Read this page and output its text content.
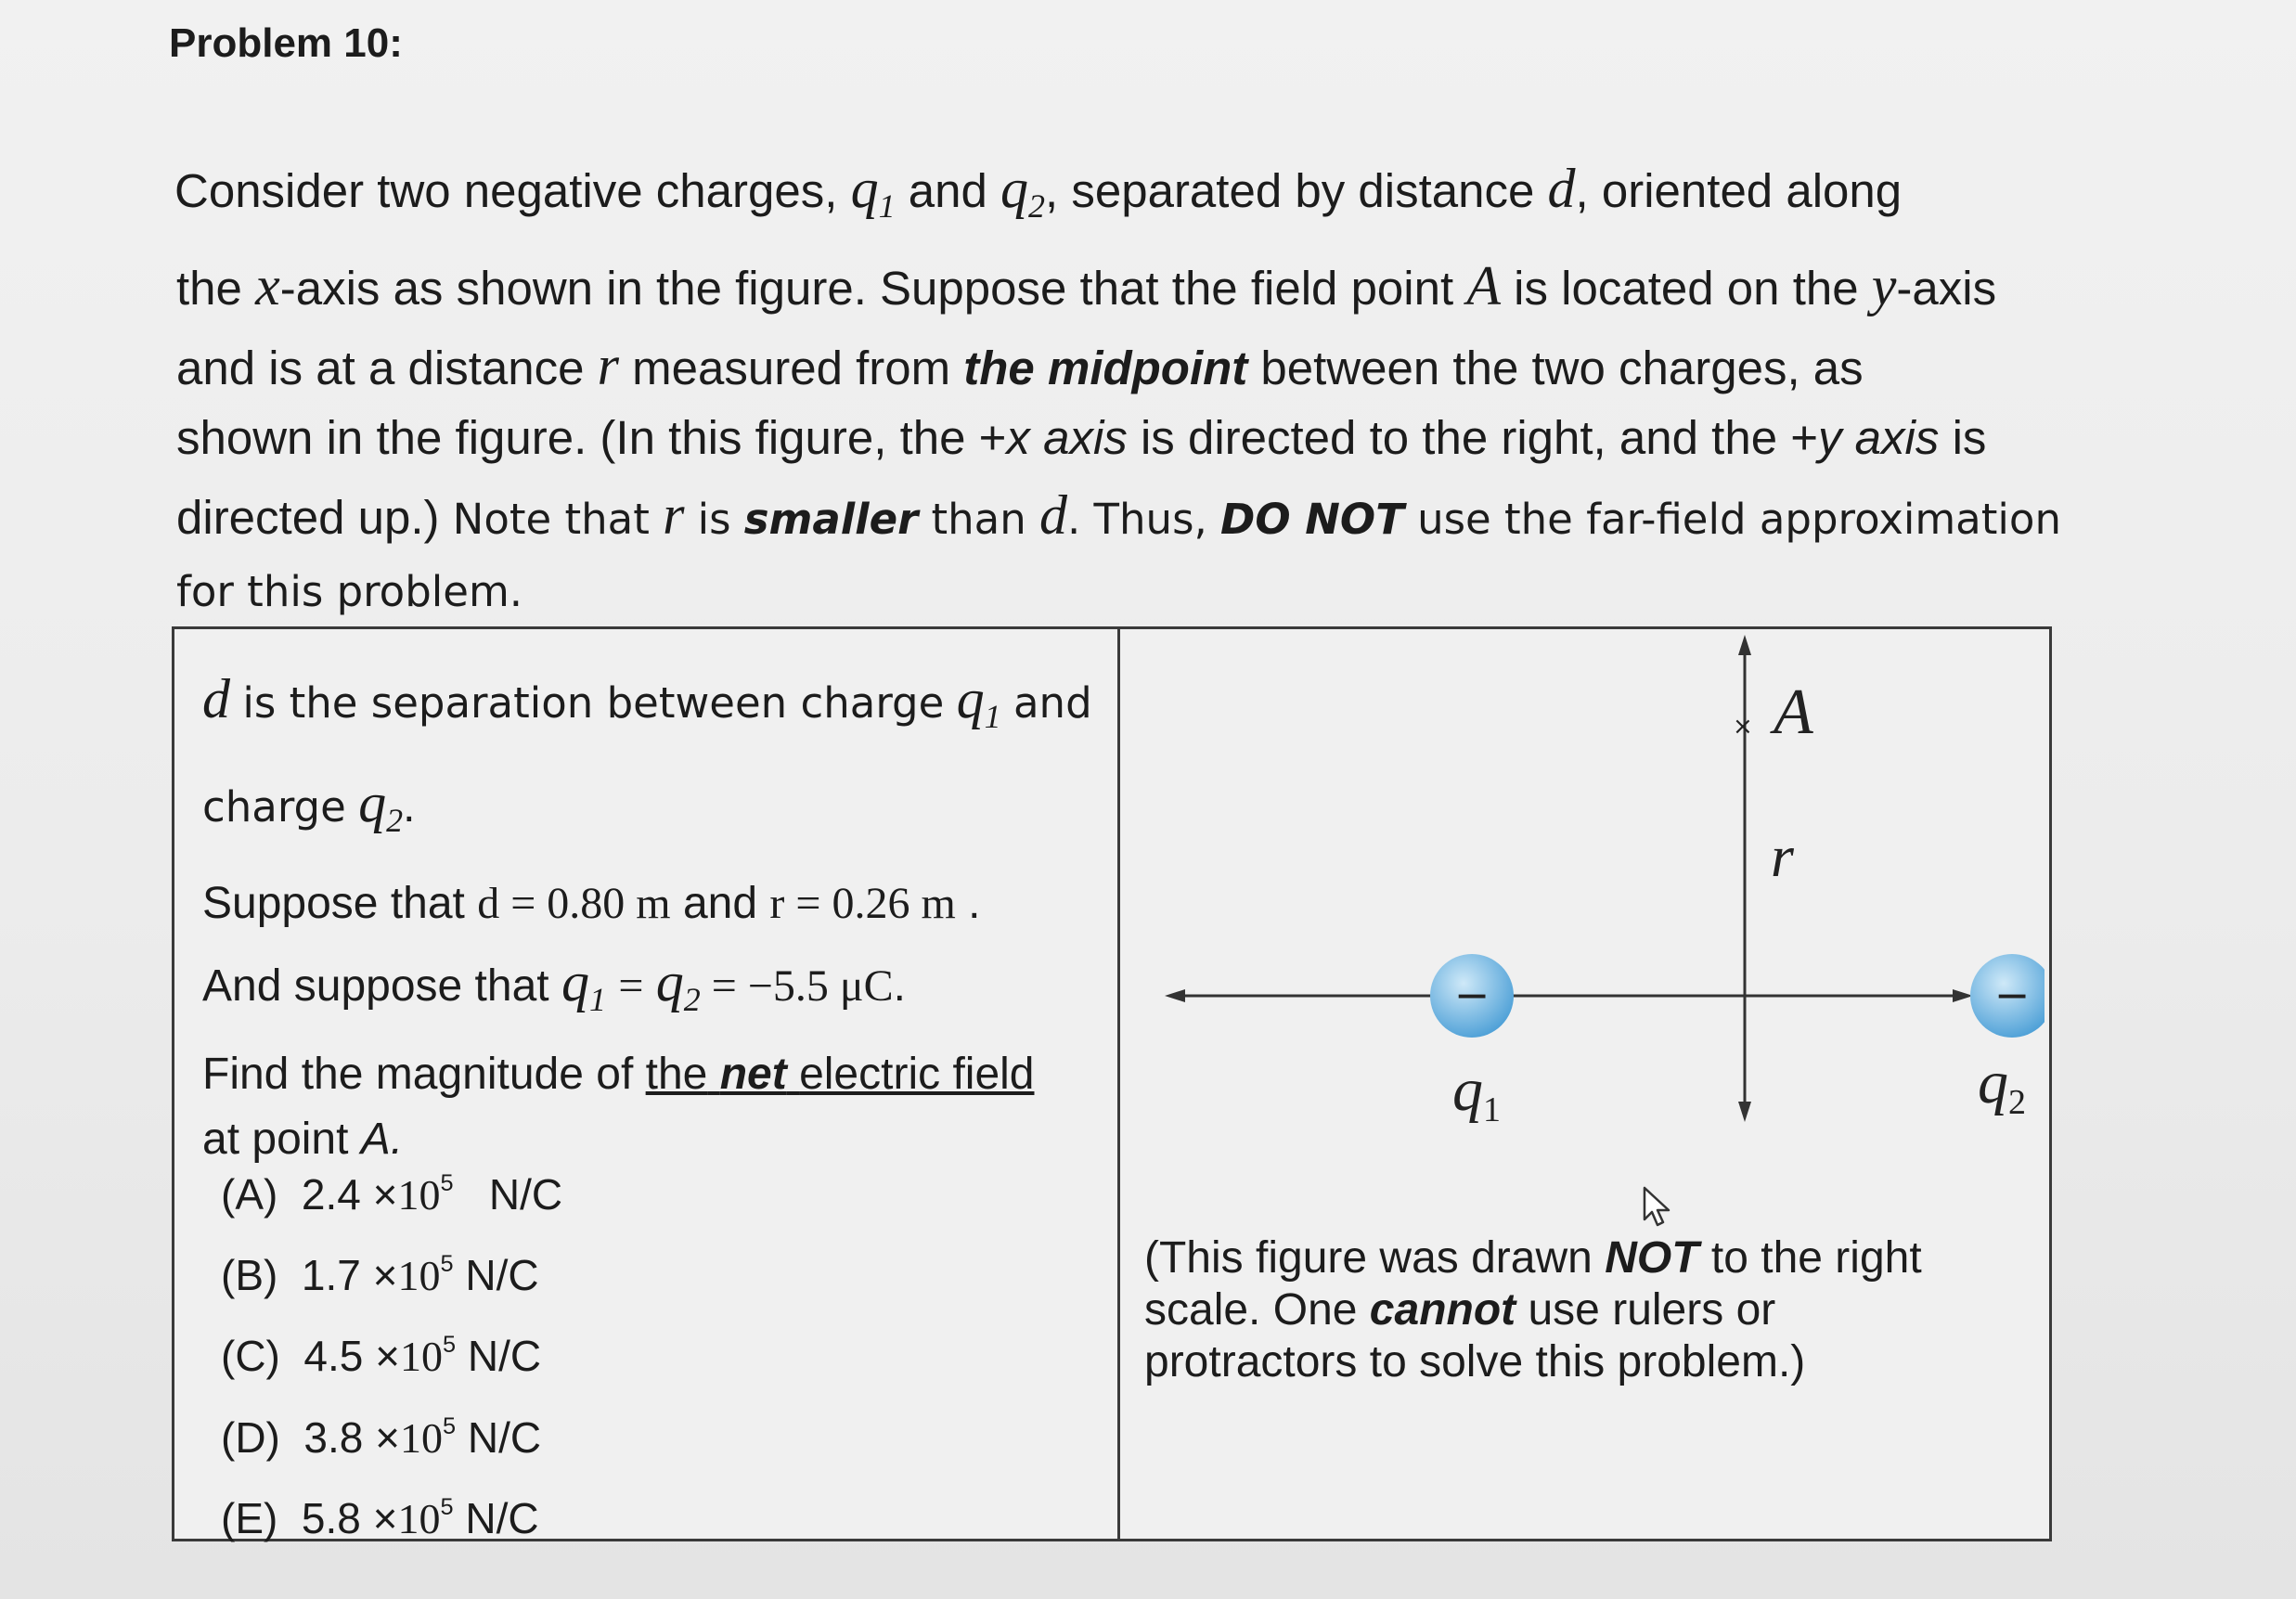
Problem 10:
Consider two negative charges, $q_1$ and $q_2$, separated by distance d, oriented along
the x-axis as shown in the figure. Suppose that the field point A is located on the y-axis
and is at a distance r measured from the midpoint between the two charges, as
shown in the figure. (In this figure, the +x axis is directed to the right, and the +y axis is
directed up.) Note that r is smaller than d. Thus, DO NOT use the far-field approximation
for this problem.
d is the separation between charge $q_1$ and
charge $q_2$.
Suppose that d = 0.80 m and r = 0.26 m .
And suppose that $q_1 = q_2 = -5.5$ μC.
Find the magnitude of the net electric field
at point A.
(A) $2.4 \times 10^5$ N/C
(B) $1.7 \times 10^5$ N/C
(C) $4.5 \times 10^5$ N/C
(D) $3.8 \times 10^5$ N/C
(E) $5.8 \times 10^5$ N/C
× A
r
−	−
q1	q2
(This figure was drawn NOT to the right scale. One cannot use rulers or protractors to solve this problem.)
